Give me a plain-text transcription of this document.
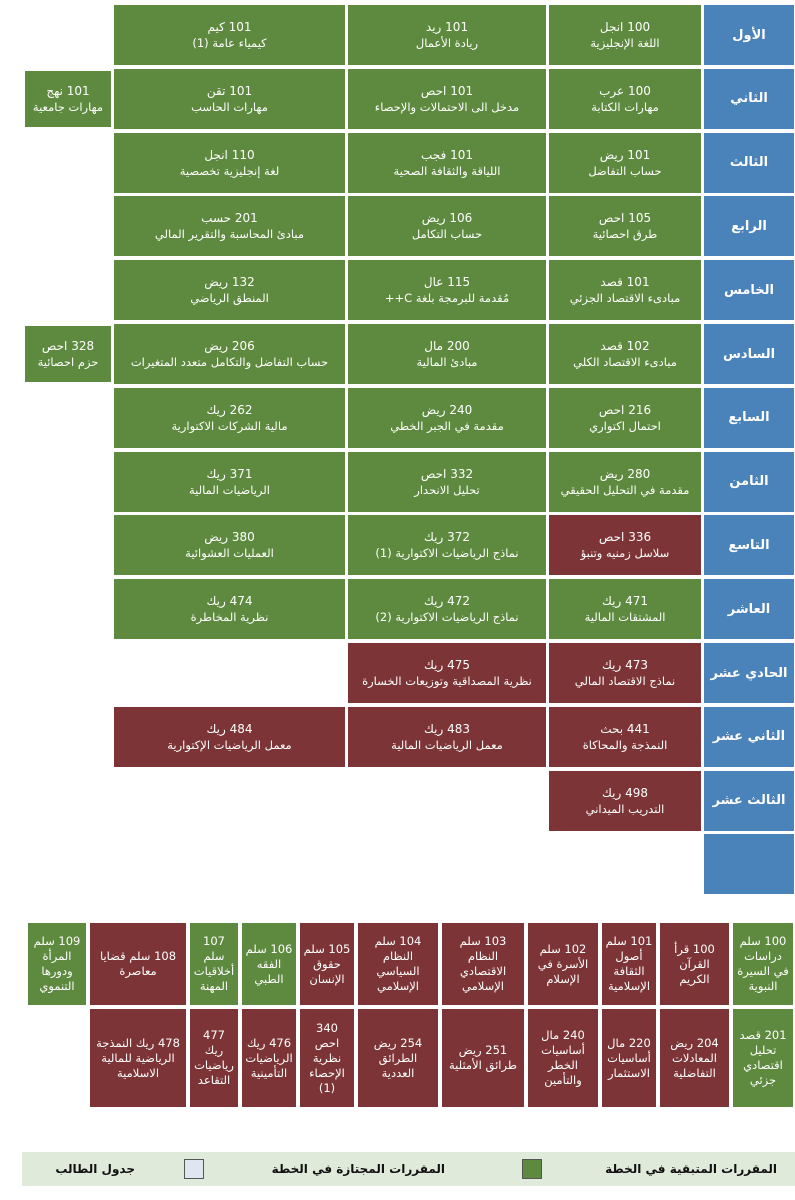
الأول
100 انجل
اللغة الإنجليزية
101 ريد
ريادة الأعمال
101 كيم
كيمياء عامة (1)
الثاني
100 عرب
مهارات الكتابة
101 احص
مدخل الى الاحتمالات والإحصاء
101 تقن
مهارات الحاسب
101 نهج
مهارات جامعية
الثالث
101 ريض
حساب التفاضل
101 فجب
اللياقة والثقافة الصحية
110 انجل
لغة إنجليزية تخصصية
الرابع
105 احص
طرق احصائية
106 ريض
حساب التكامل
201 حسب
مبادئ المحاسبة والتقرير المالي
الخامس
101 قصد
مبادىء الاقتصاد الجزئي
115 عال
مُقدمة للبرمجة بلغة C++
132 ريض
المنطق الرياضي
السادس
102 قصد
مبادىء الاقتصاد الكلي
200 مال
مبادئ المالية
206 ريض
حساب التفاضل والتكامل متعدد المتغيرات
328 احص
حزم احصائية
السابع
216 احص
احتمال اكتواري
240 ريض
مقدمة في الجبر الخطي
262 ريك
مالية الشركات الاكتوارية
الثامن
280 ريض
مقدمة في التحليل الحقيقي
332 احص
تحليل الانحدار
371 ريك
الرياضيات المالية
التاسع
336 احص
سلاسل زمنيه وتنبؤ
372 ريك
نماذج الرياضيات الاكتوارية (1)
380 ريض
العمليات العشوائية
العاشر
471 ريك
المشتقات المالية
472 ريك
نماذج الرياضيات الاكتوارية (2)
474 ريك
نظرية المخاطرة
الحادي عشر
473 ريك
نماذج الاقتصاد المالي
475 ريك
نظرية المصداقية وتوزيعات الخسارة
الثاني عشر
441 بحث
النمذجة والمحاكاة
483 ريك
معمل الرياضيات المالية
484 ريك
معمل الرياضيات الإكتوارية
الثالث عشر
498 ريك
التدريب الميداني
100 سلم دراسات في السيرة النبوية
100 قرأ القرآن الكريم
101 سلم أصول الثقافة الإسلامية
102 سلم الأسرة في الإسلام
103 سلم النظام الاقتصادي الإسلامي
104 سلم النظام السياسي الإسلامي
105 سلم حقوق الإنسان
106 سلم الفقه الطبي
107 سلم أخلاقيات المهنة
108 سلم قضايا معاصرة
109 سلم المرأة ودورها التنموي
201 قصد تحليل اقتصادي جزئي
204 ريض المعادلات التفاضلية
220 مال أساسيات الاستثمار
240 مال أساسيات الخطر والتأمين
251 ريض طرائق الأمثلية
254 ريض الطرائق العددية
340 احص نظرية الإحصاء (1)
476 ريك الرياضيات التأمينية
477 ريك رياضيات التقاعد
478 ريك النمذجة الرياضية للمالية الاسلامية
المقررات المتبقية في الخطة
المقررات المجتازة في الخطة
جدول الطالب
